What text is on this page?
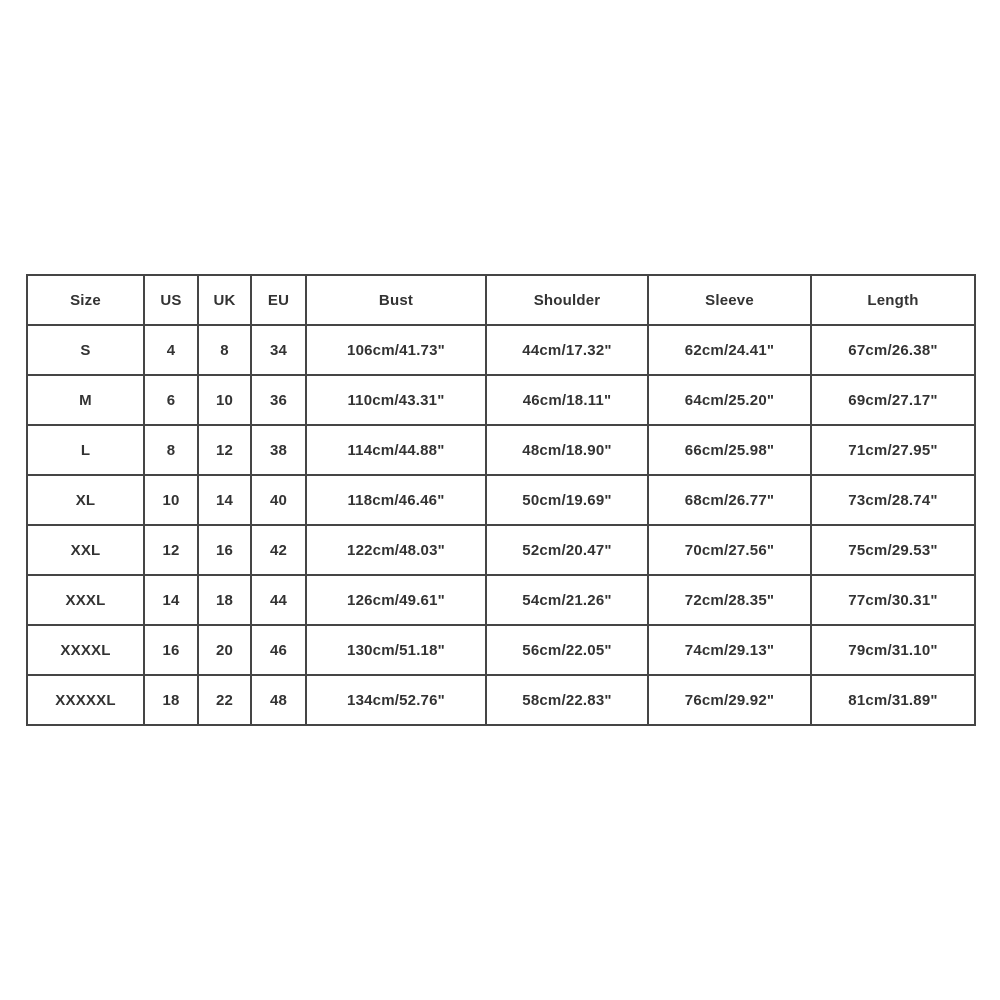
Size	US	UK	EU	Bust	Shoulder	Sleeve	Length
S	4	8	34	106cm/41.73"	44cm/17.32"	62cm/24.41"	67cm/26.38"
M	6	10	36	110cm/43.31"	46cm/18.11"	64cm/25.20"	69cm/27.17"
L	8	12	38	114cm/44.88"	48cm/18.90"	66cm/25.98"	71cm/27.95"
XL	10	14	40	118cm/46.46"	50cm/19.69"	68cm/26.77"	73cm/28.74"
XXL	12	16	42	122cm/48.03"	52cm/20.47"	70cm/27.56"	75cm/29.53"
XXXL	14	18	44	126cm/49.61"	54cm/21.26"	72cm/28.35"	77cm/30.31"
XXXXL	16	20	46	130cm/51.18"	56cm/22.05"	74cm/29.13"	79cm/31.10"
XXXXXL	18	22	48	134cm/52.76"	58cm/22.83"	76cm/29.92"	81cm/31.89"
